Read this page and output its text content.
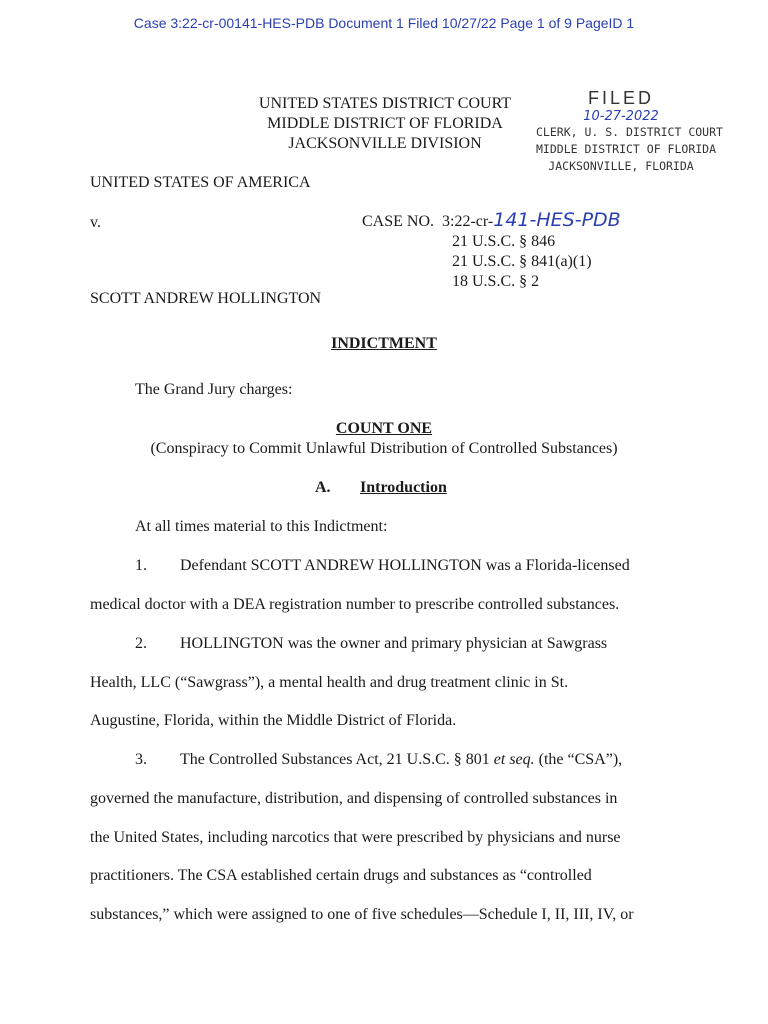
Case 3:22-cr-00141-HES-PDB Document 1 Filed 10/27/22 Page 1 of 9 PageID 1
UNITED STATES DISTRICT COURT
MIDDLE DISTRICT OF FLORIDA
JACKSONVILLE DIVISION
FILED
10-27-2022
CLERK, U. S. DISTRICT COURT
MIDDLE DISTRICT OF FLORIDA
JACKSONVILLE, FLORIDA
UNITED STATES OF AMERICA
v.	CASE NO. 3:22-cr-141-HES-PDB
21 U.S.C. § 846
21 U.S.C. § 841(a)(1)
18 U.S.C. § 2
SCOTT ANDREW HOLLINGTON
INDICTMENT
The Grand Jury charges:
COUNT ONE
(Conspiracy to Commit Unlawful Distribution of Controlled Substances)
A. Introduction
At all times material to this Indictment:
1. Defendant SCOTT ANDREW HOLLINGTON was a Florida-licensed
medical doctor with a DEA registration number to prescribe controlled substances.
2. HOLLINGTON was the owner and primary physician at Sawgrass
Health, LLC (“Sawgrass”), a mental health and drug treatment clinic in St.
Augustine, Florida, within the Middle District of Florida.
3. The Controlled Substances Act, 21 U.S.C. § 801 et seq. (the “CSA”),
governed the manufacture, distribution, and dispensing of controlled substances in
the United States, including narcotics that were prescribed by physicians and nurse
practitioners. The CSA established certain drugs and substances as “controlled
substances,” which were assigned to one of five schedules—Schedule I, II, III, IV, or
